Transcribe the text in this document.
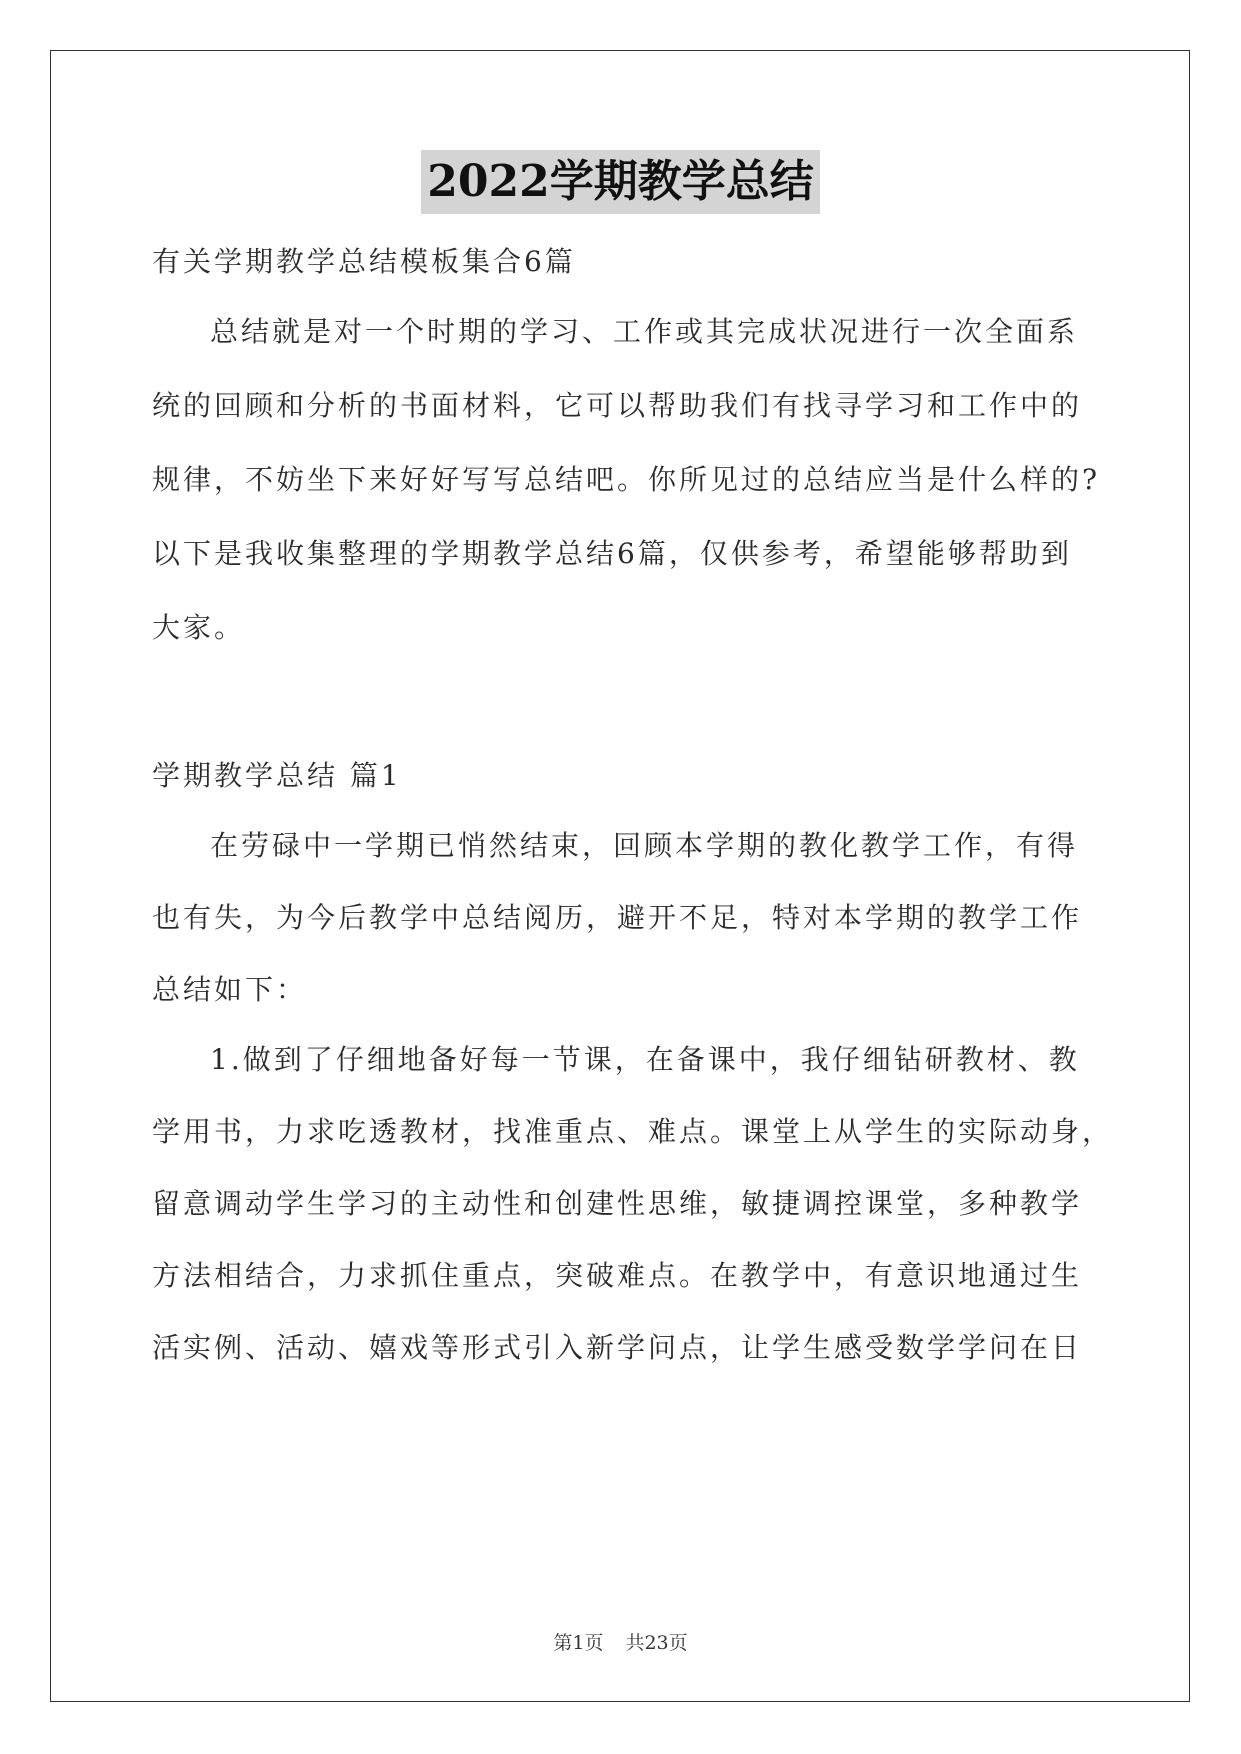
2022学期教学总结
有关学期教学总结模板集合6篇
总结就是对一个时期的学习、工作或其完成状况进行一次全面系
统的回顾和分析的书面材料，它可以帮助我们有找寻学习和工作中的
规律，不妨坐下来好好写写总结吧。你所见过的总结应当是什么样的?
以下是我收集整理的学期教学总结6篇，仅供参考，希望能够帮助到
大家。
学期教学总结 篇1
在劳碌中一学期已悄然结束，回顾本学期的教化教学工作，有得
也有失，为今后教学中总结阅历，避开不足，特对本学期的教学工作
总结如下：
1.做到了仔细地备好每一节课，在备课中，我仔细钻研教材、教
学用书，力求吃透教材，找准重点、难点。课堂上从学生的实际动身，
留意调动学生学习的主动性和创建性思维，敏捷调控课堂，多种教学
方法相结合，力求抓住重点，突破难点。在教学中，有意识地通过生
活实例、活动、嬉戏等形式引入新学问点，让学生感受数学学问在日
第1页 共23页
